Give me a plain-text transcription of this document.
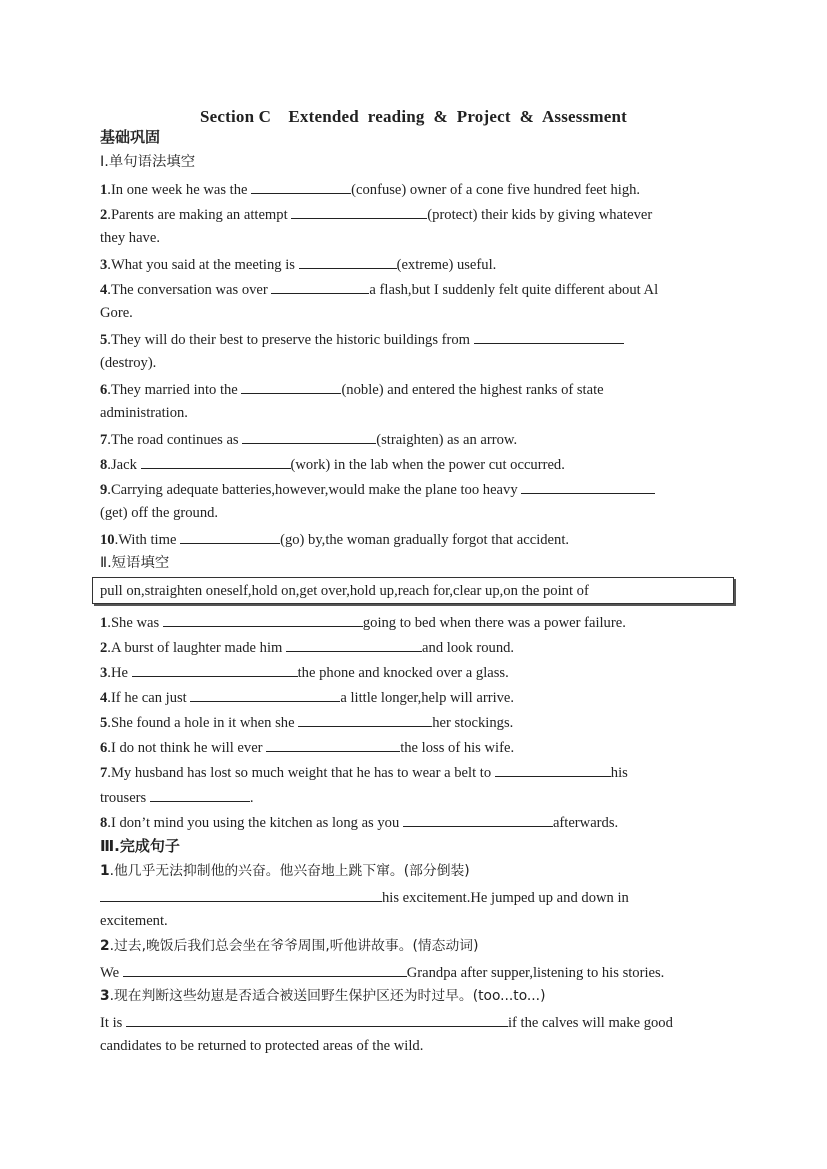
Section C　Extended  reading  &  Project  &  Assessment
基础巩固
Ⅰ.单句语法填空
1.In one week he was the	(confuse) owner of a cone five hundred feet high.
2.Parents are making an attempt	(protect) their kids by giving whatever
they have.
3.What you said at the meeting is	(extreme) useful.
4.The conversation was over	a flash,but I suddenly felt quite different about Al
Gore.
5.They will do their best to preserve the historic buildings from
(destroy).
6.They married into the	(noble) and entered the highest ranks of state
administration.
7.The road continues as	(straighten) as an arrow.
8.Jack	(work) in the lab when the power cut occurred.
9.Carrying adequate batteries,however,would make the plane too heavy
(get) off the ground.
10.With time	(go) by,the woman gradually forgot that accident.
Ⅱ.短语填空
pull on,straighten oneself,hold on,get over,hold up,reach for,clear up,on the point of
1.She was	going to bed when there was a power failure.
2.A burst of laughter made him	and look round.
3.He	the phone and knocked over a glass.
4.If he can just	a little longer,help will arrive.
5.She found a hole in it when she	her stockings.
6.I do not think he will ever	the loss of his wife.
7.My husband has lost so much weight that he has to wear a belt to	his
trousers	.
8.I don’t mind you using the kitchen as long as you	afterwards.
Ⅲ.完成句子
1.他几乎无法抑制他的兴奋。他兴奋地上跳下窜。(部分倒装)
his excitement.He jumped up and down in
excitement.
2.过去,晚饭后我们总会坐在爷爷周围,听他讲故事。(情态动词)
We	Grandpa after supper,listening to his stories.
3.现在判断这些幼崽是否适合被送回野生保护区还为时过早。(too...to...)
It is	if the calves will make good
candidates to be returned to protected areas of the wild.
